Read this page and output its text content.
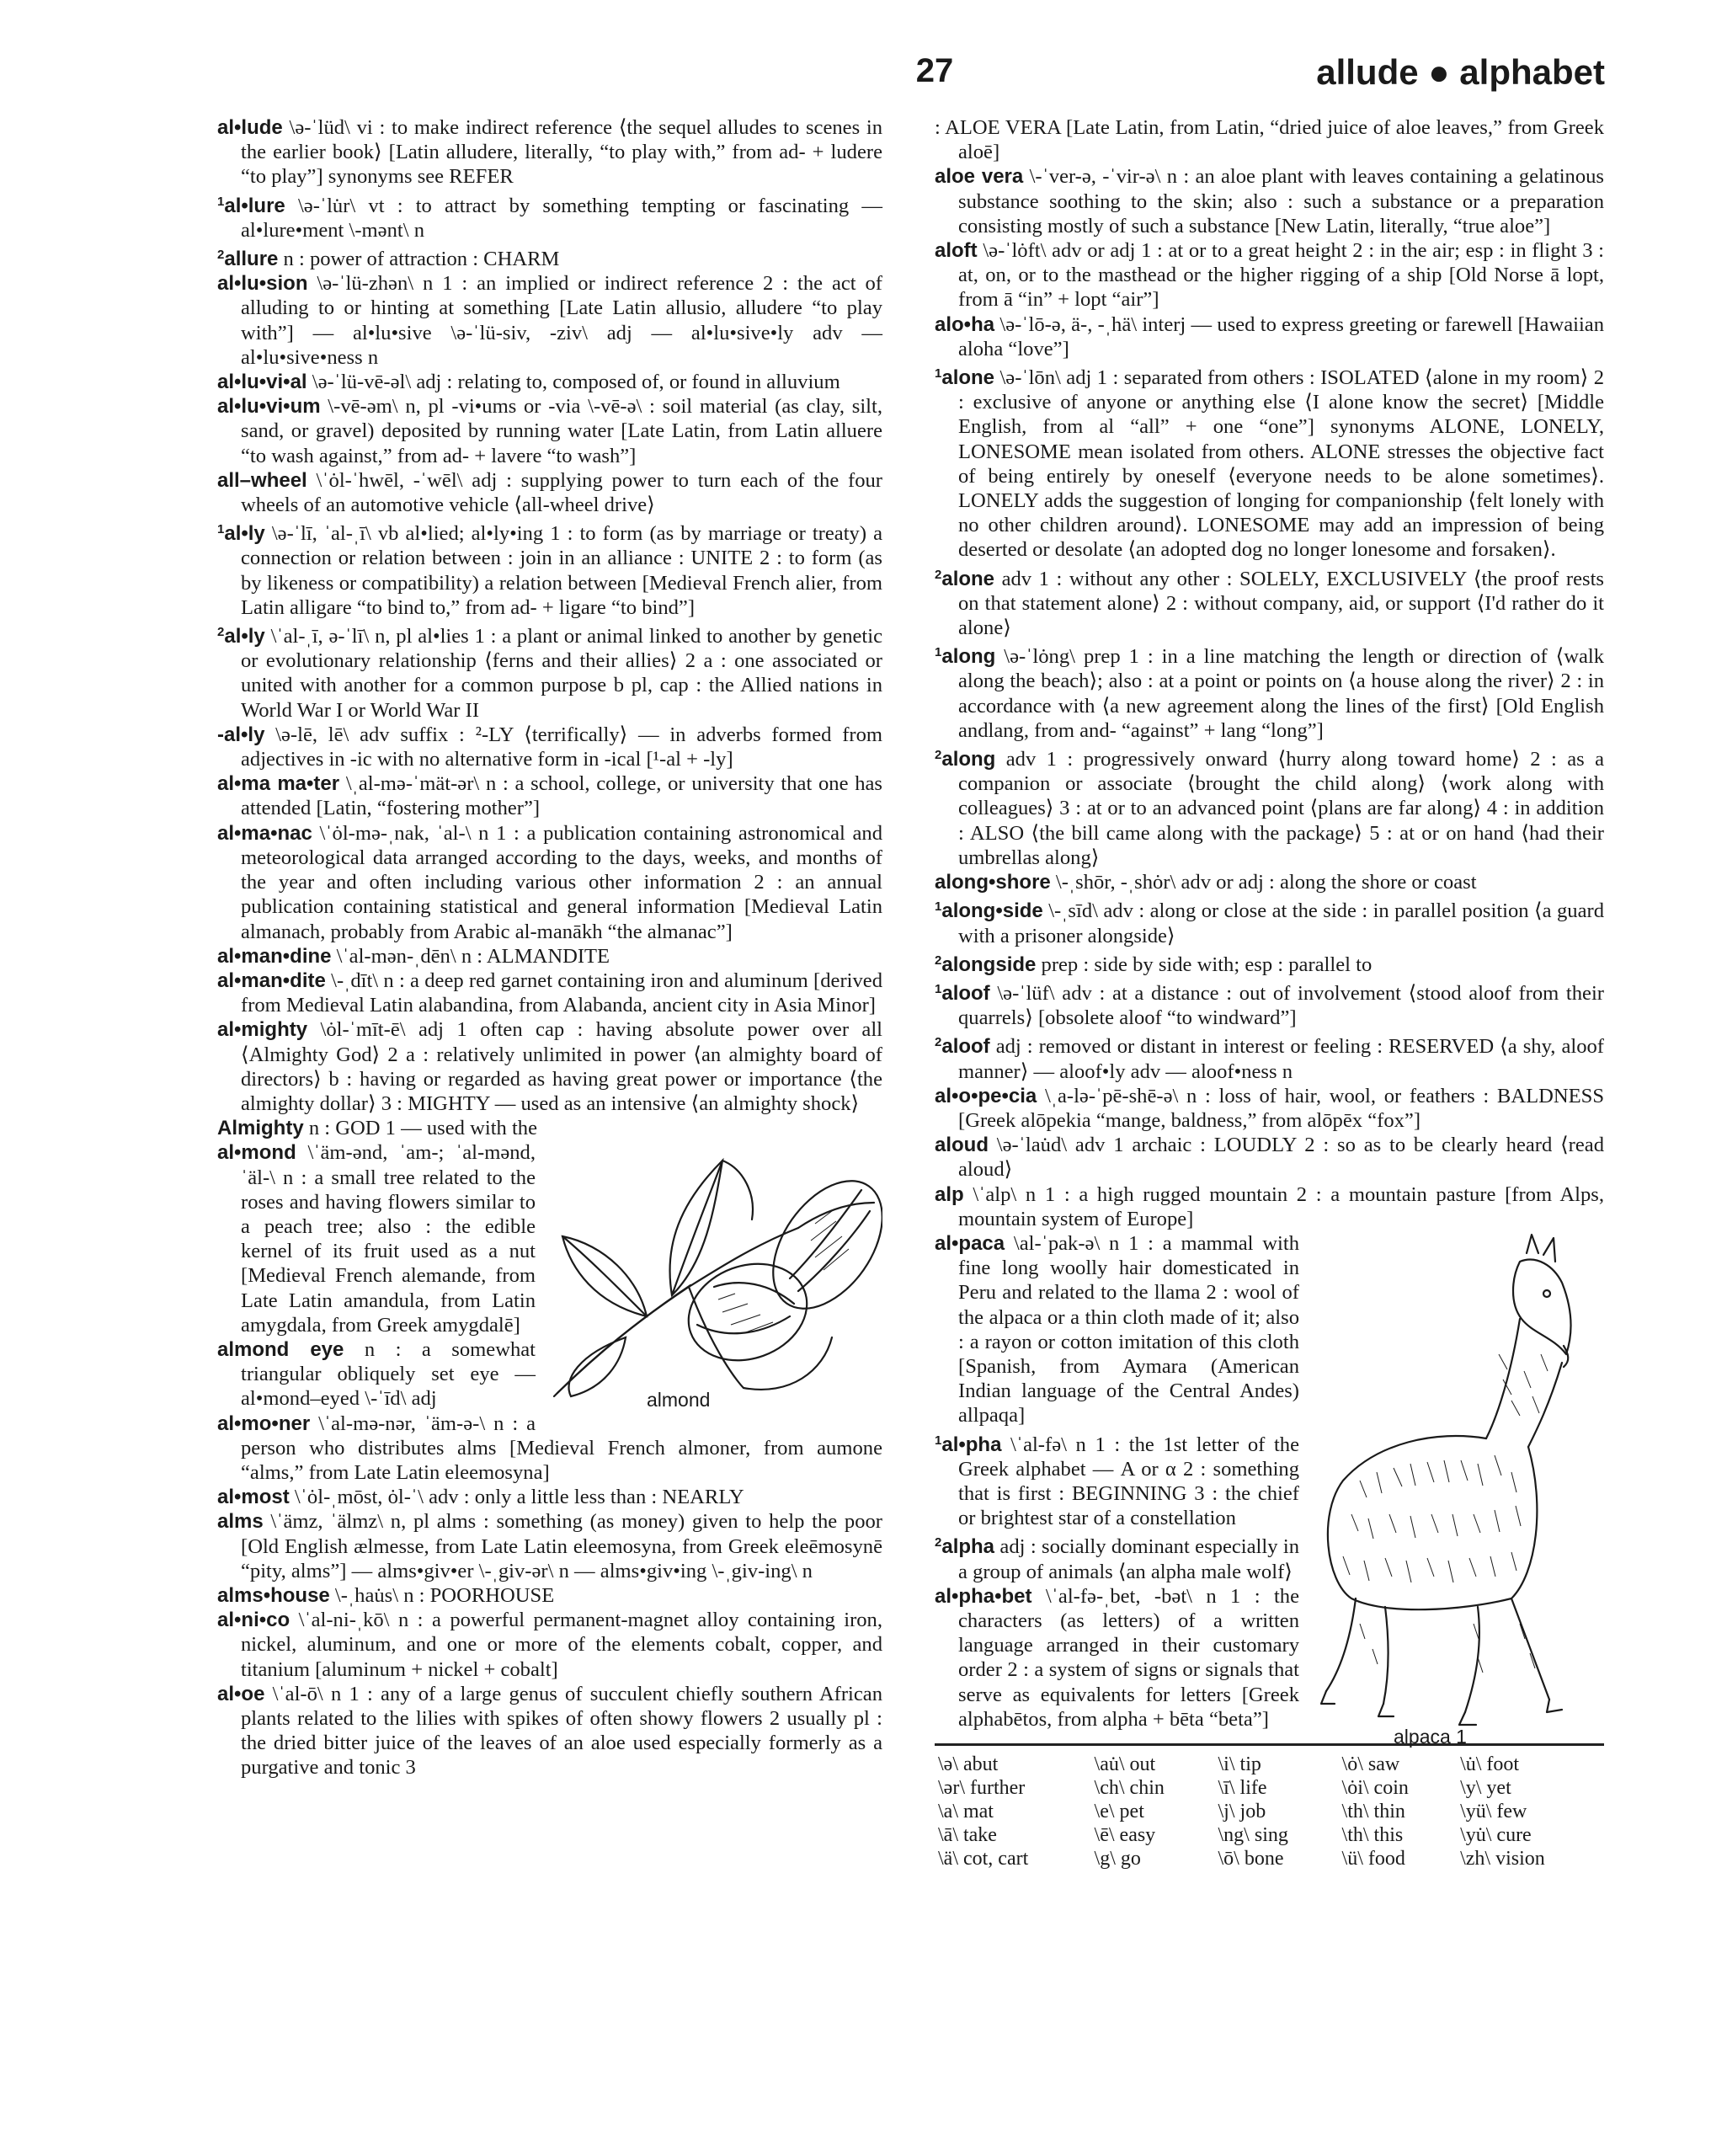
27	allude ● alphabet

al•lude \ə-ˈlüd\ vi : to make indirect reference ⟨the sequel alludes to scenes in the earlier book⟩ [Latin alludere, literally, “to play with,” from ad- + ludere “to play”] synonyms see REFER

$^1$al•lure \ə-ˈlu̇r\ vt : to attract by something tempting or fascinating — al•lure•ment \-mənt\ n

$^2$allure n : power of attraction : CHARM

al•lu•sion \ə-ˈlü-zhən\ n 1 : an implied or indirect reference 2 : the act of alluding to or hinting at something [Late Latin allusio, alludere “to play with”] — al•lu•sive \ə-ˈlü-siv, -ziv\ adj — al•lu•sive•ly adv — al•lu•sive•ness n

al•lu•vi•al \ə-ˈlü-vē-əl\ adj : relating to, composed of, or found in alluvium

al•lu•vi•um \-vē-əm\ n, pl -vi•ums or -via \-vē-ə\ : soil material (as clay, silt, sand, or gravel) deposited by running water [Late Latin, from Latin alluere “to wash against,” from ad- + lavere “to wash”]

all–wheel \ˈȯl-ˈhwēl, -ˈwēl\ adj : supplying power to turn each of the four wheels of an automotive vehicle ⟨all-wheel drive⟩

$^1$al•ly \ə-ˈlī, ˈal-ˌī\ vb al•lied; al•ly•ing 1 : to form (as by marriage or treaty) a connection or relation between : join in an alliance : UNITE 2 : to form (as by likeness or compatibility) a relation between [Medieval French alier, from Latin alligare “to bind to,” from ad- + ligare “to bind”]

$^2$al•ly \ˈal-ˌī, ə-ˈlī\ n, pl al•lies 1 : a plant or animal linked to another by genetic or evolutionary relationship ⟨ferns and their allies⟩ 2 a : one associated or united with another for a common purpose b pl, cap : the Allied nations in World War I or World War II

-al•ly \ə-lē, lē\ adv suffix : ²-LY ⟨terrifically⟩ — in adverbs formed from adjectives in -ic with no alternative form in -ical [¹-al + -ly]

al•ma ma•ter \ˌal-mə-ˈmät-ər\ n : a school, college, or university that one has attended [Latin, “fostering mother”]

al•ma•nac \ˈȯl-mə-ˌnak, ˈal-\ n 1 : a publication containing astronomical and meteorological data arranged according to the days, weeks, and months of the year and often including various other information 2 : an annual publication containing statistical and general information [Medieval Latin almanach, probably from Arabic al-manākh “the almanac”]

al•man•dine \ˈal-mən-ˌdēn\ n : ALMANDITE

al•man•dite \-ˌdīt\ n : a deep red garnet containing iron and aluminum [derived from Medieval Latin alabandina, from Alabanda, ancient city in Asia Minor]

al•mighty \ȯl-ˈmīt-ē\ adj 1 often cap : having absolute power over all ⟨Almighty God⟩ 2 a : relatively unlimited in power ⟨an almighty board of directors⟩ b : having or regarded as having great power or importance ⟨the almighty dollar⟩ 3 : MIGHTY — used as an intensive ⟨an almighty shock⟩

Almighty n : GOD 1 — used with the

almond

al•mond \ˈäm-ənd, ˈam-; ˈal-mənd, ˈäl-\ n : a small tree related to the roses and having flowers similar to a peach tree; also : the edible kernel of its fruit used as a nut [Medieval French alemande, from Late Latin amandula, from Latin amygdala, from Greek amygdalē]

almond eye n : a somewhat triangular obliquely set eye — al•mond–eyed \-ˈīd\ adj

al•mo•ner \ˈal-mə-nər, ˈäm-ə-\ n : a person who distributes alms [Medieval French almoner, from aumone “alms,” from Late Latin eleemosyna]

al•most \ˈȯl-ˌmōst, ȯl-ˈ\ adv : only a little less than : NEARLY

alms \ˈämz, ˈälmz\ n, pl alms : something (as money) given to help the poor [Old English ælmesse, from Late Latin eleemosyna, from Greek eleēmosynē “pity, alms”] — alms•giv•er \-ˌgiv-ər\ n — alms•giv•ing \-ˌgiv-ing\ n

alms•house \-ˌhau̇s\ n : POORHOUSE

al•ni•co \ˈal-ni-ˌkō\ n : a powerful permanent-magnet alloy containing iron, nickel, aluminum, and one or more of the elements cobalt, copper, and titanium [aluminum + nickel + cobalt]

al•oe \ˈal-ō\ n 1 : any of a large genus of succulent chiefly southern African plants related to the lilies with spikes of often showy flowers 2 usually pl : the dried bitter juice of the leaves of an aloe used especially formerly as a purgative and tonic 3

: ALOE VERA [Late Latin, from Latin, “dried juice of aloe leaves,” from Greek aloē]

aloe vera \-ˈver-ə, -ˈvir-ə\ n : an aloe plant with leaves containing a gelatinous substance soothing to the skin; also : such a substance or a preparation consisting mostly of such a substance [New Latin, literally, “true aloe”]

aloft \ə-ˈlȯft\ adv or adj 1 : at or to a great height 2 : in the air; esp : in flight 3 : at, on, or to the masthead or the higher rigging of a ship [Old Norse ā lopt, from ā “in” + lopt “air”]

alo•ha \ə-ˈlō-ə, ä-, -ˌhä\ interj — used to express greeting or farewell [Hawaiian aloha “love”]

$^1$alone \ə-ˈlōn\ adj 1 : separated from others : ISOLATED ⟨alone in my room⟩ 2 : exclusive of anyone or anything else ⟨I alone know the secret⟩ [Middle English, from al “all” + one “one”] synonyms ALONE, LONELY, LONESOME mean isolated from others. ALONE stresses the objective fact of being entirely by oneself ⟨everyone needs to be alone sometimes⟩. LONELY adds the suggestion of longing for companionship ⟨felt lonely with no other children around⟩. LONESOME may add an impression of being deserted or desolate ⟨an adopted dog no longer lonesome and forsaken⟩.

$^2$alone adv 1 : without any other : SOLELY, EXCLUSIVELY ⟨the proof rests on that statement alone⟩ 2 : without company, aid, or support ⟨I'd rather do it alone⟩

$^1$along \ə-ˈlȯng\ prep 1 : in a line matching the length or direction of ⟨walk along the beach⟩; also : at a point or points on ⟨a house along the river⟩ 2 : in accordance with ⟨a new agreement along the lines of the first⟩ [Old English andlang, from and- “against” + lang “long”]

$^2$along adv 1 : progressively onward ⟨hurry along toward home⟩ 2 : as a companion or associate ⟨brought the child along⟩ ⟨work along with colleagues⟩ 3 : at or to an advanced point ⟨plans are far along⟩ 4 : in addition : ALSO ⟨the bill came along with the package⟩ 5 : at or on hand ⟨had their umbrellas along⟩

along•shore \-ˌshōr, -ˌshȯr\ adv or adj : along the shore or coast

$^1$along•side \-ˌsīd\ adv : along or close at the side : in parallel position ⟨a guard with a prisoner alongside⟩

$^2$alongside prep : side by side with; esp : parallel to

$^1$aloof \ə-ˈlüf\ adv : at a distance : out of involvement ⟨stood aloof from their quarrels⟩ [obsolete aloof “to windward”]

$^2$aloof adj : removed or distant in interest or feeling : RESERVED ⟨a shy, aloof manner⟩ — aloof•ly adv — aloof•ness n

al•o•pe•cia \ˌa-lə-ˈpē-shē-ə\ n : loss of hair, wool, or feathers : BALDNESS [Greek alōpekia “mange, baldness,” from alōpēx “fox”]

aloud \ə-ˈlau̇d\ adv 1 archaic : LOUDLY 2 : so as to be clearly heard ⟨read aloud⟩

alp \ˈalp\ n 1 : a high rugged mountain 2 : a mountain pasture [from Alps, mountain system of Europe]

alpaca 1

al•paca \al-ˈpak-ə\ n 1 : a mammal with fine long woolly hair domesticated in Peru and related to the llama 2 : wool of the alpaca or a thin cloth made of it; also : a rayon or cotton imitation of this cloth [Spanish, from Aymara (American Indian language of the Central Andes) allpaqa]

$^1$al•pha \ˈal-fə\ n 1 : the 1st letter of the Greek alphabet — Α or α 2 : something that is first : BEGINNING 3 : the chief or brightest star of a constellation

$^2$alpha adj : socially dominant especially in a group of animals ⟨an alpha male wolf⟩

al•pha•bet \ˈal-fə-ˌbet, -bət\ n 1 : the characters (as letters) of a written language arranged in their customary order 2 : a system of signs or signals that serve as equivalents for letters [Greek alphabētos, from alpha + bēta “beta”]

\ə\ abut	\au̇\ out	\i\ tip	\ȯ\ saw	\u̇\ foot
\ər\ further	\ch\ chin	\ī\ life	\ȯi\ coin	\y\ yet
\a\ mat	\e\ pet	\j\ job	\th\ thin	\yü\ few
\ā\ take	\ē\ easy	\ng\ sing	\th\ this	\yu̇\ cure
\ä\ cot, cart	\g\ go	\ō\ bone	\ü\ food	\zh\ vision
